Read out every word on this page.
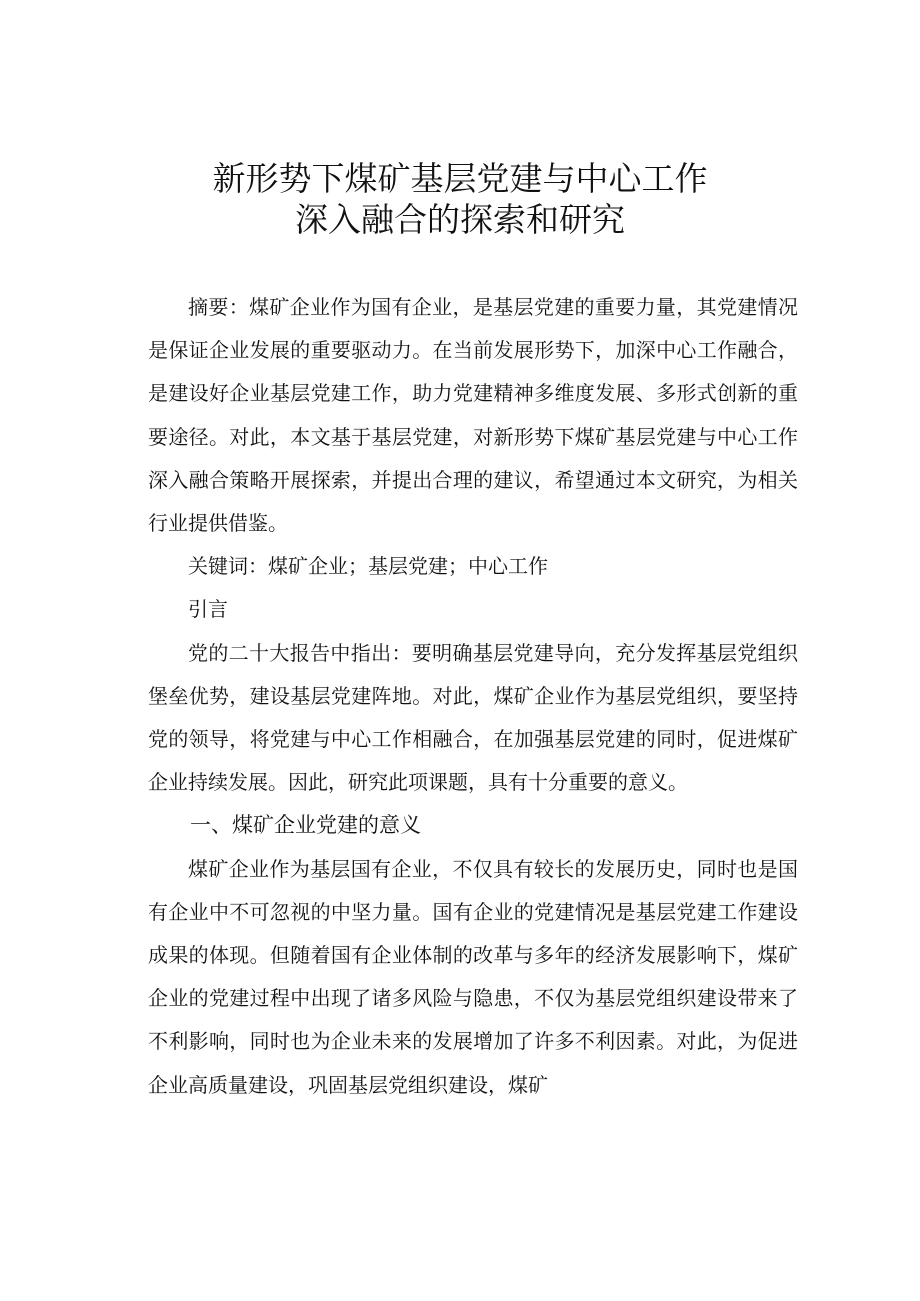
新形势下煤矿基层党建与中心工作
深入融合的探索和研究

摘要：煤矿企业作为国有企业，是基层党建的重要力量，其党建情况是保证企业发展的重要驱动力。在当前发展形势下，加深中心工作融合，是建设好企业基层党建工作，助力党建精神多维度发展、多形式创新的重要途径。对此，本文基于基层党建，对新形势下煤矿基层党建与中心工作深入融合策略开展探索，并提出合理的建议，希望通过本文研究，为相关行业提供借鉴。

关键词：煤矿企业；基层党建；中心工作

引言

党的二十大报告中指出：要明确基层党建导向，充分发挥基层党组织堡垒优势，建设基层党建阵地。对此，煤矿企业作为基层党组织，要坚持党的领导，将党建与中心工作相融合，在加强基层党建的同时，促进煤矿企业持续发展。因此，研究此项课题，具有十分重要的意义。

一、煤矿企业党建的意义

煤矿企业作为基层国有企业，不仅具有较长的发展历史，同时也是国有企业中不可忽视的中坚力量。国有企业的党建情况是基层党建工作建设成果的体现。但随着国有企业体制的改革与多年的经济发展影响下，煤矿企业的党建过程中出现了诸多风险与隐患，不仅为基层党组织建设带来了不利影响，同时也为企业未来的发展增加了许多不利因素。对此，为促进企业高质量建设，巩固基层党组织建设，煤矿
